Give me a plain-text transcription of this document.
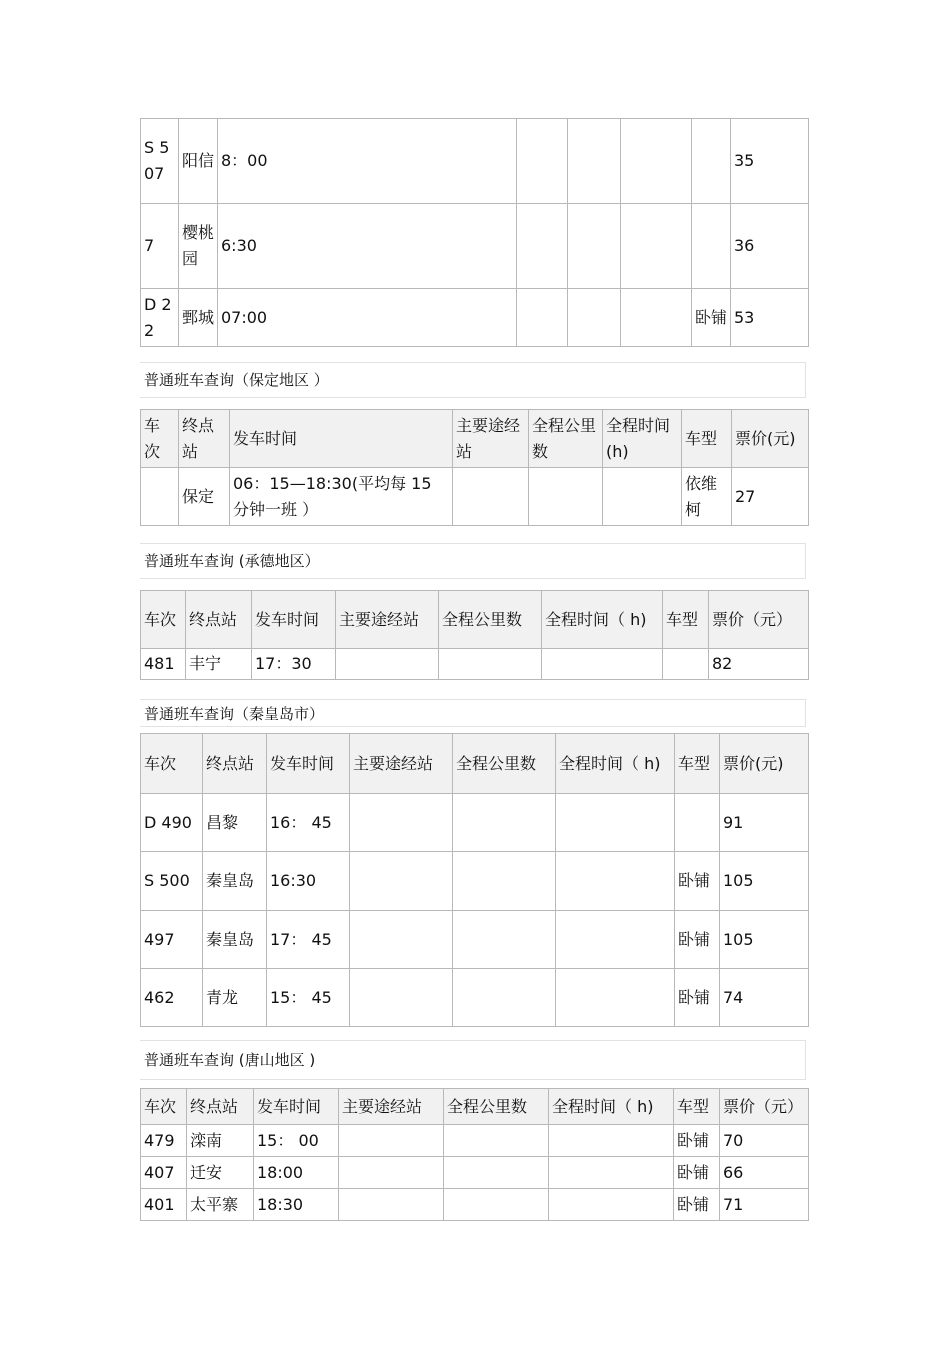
S 507	阳信	8：00					35
7	樱桃园	6:30					36
D 22	鄄城	07:00				卧铺	53
普通班车查询（保定地区 ）
车次	终点站	发车时间	主要途经站	全程公里数	全程时间(h)	车型	票价(元)
	保定	06：15—18:30(平均每 15 分钟一班 ）				依维柯	27
普通班车查询 (承德地区）
车次	终点站	发车时间	主要途经站	全程公里数	全程时间（ h)	车型	票价（元）
481	丰宁	17：30					82
普通班车查询（秦皇岛市）
车次	终点站	发车时间	主要途经站	全程公里数	全程时间（ h)	车型	票价(元)
D 490	昌黎	16： 45					91
S 500	秦皇岛	16:30				卧铺	105
497	秦皇岛	17： 45				卧铺	105
462	青龙	15： 45				卧铺	74
普通班车查询 (唐山地区 )
车次	终点站	发车时间	主要途经站	全程公里数	全程时间（ h)	车型	票价（元）
479	滦南	15： 00				卧铺	70
407	迁安	18:00				卧铺	66
401	太平寨	18:30				卧铺	71
